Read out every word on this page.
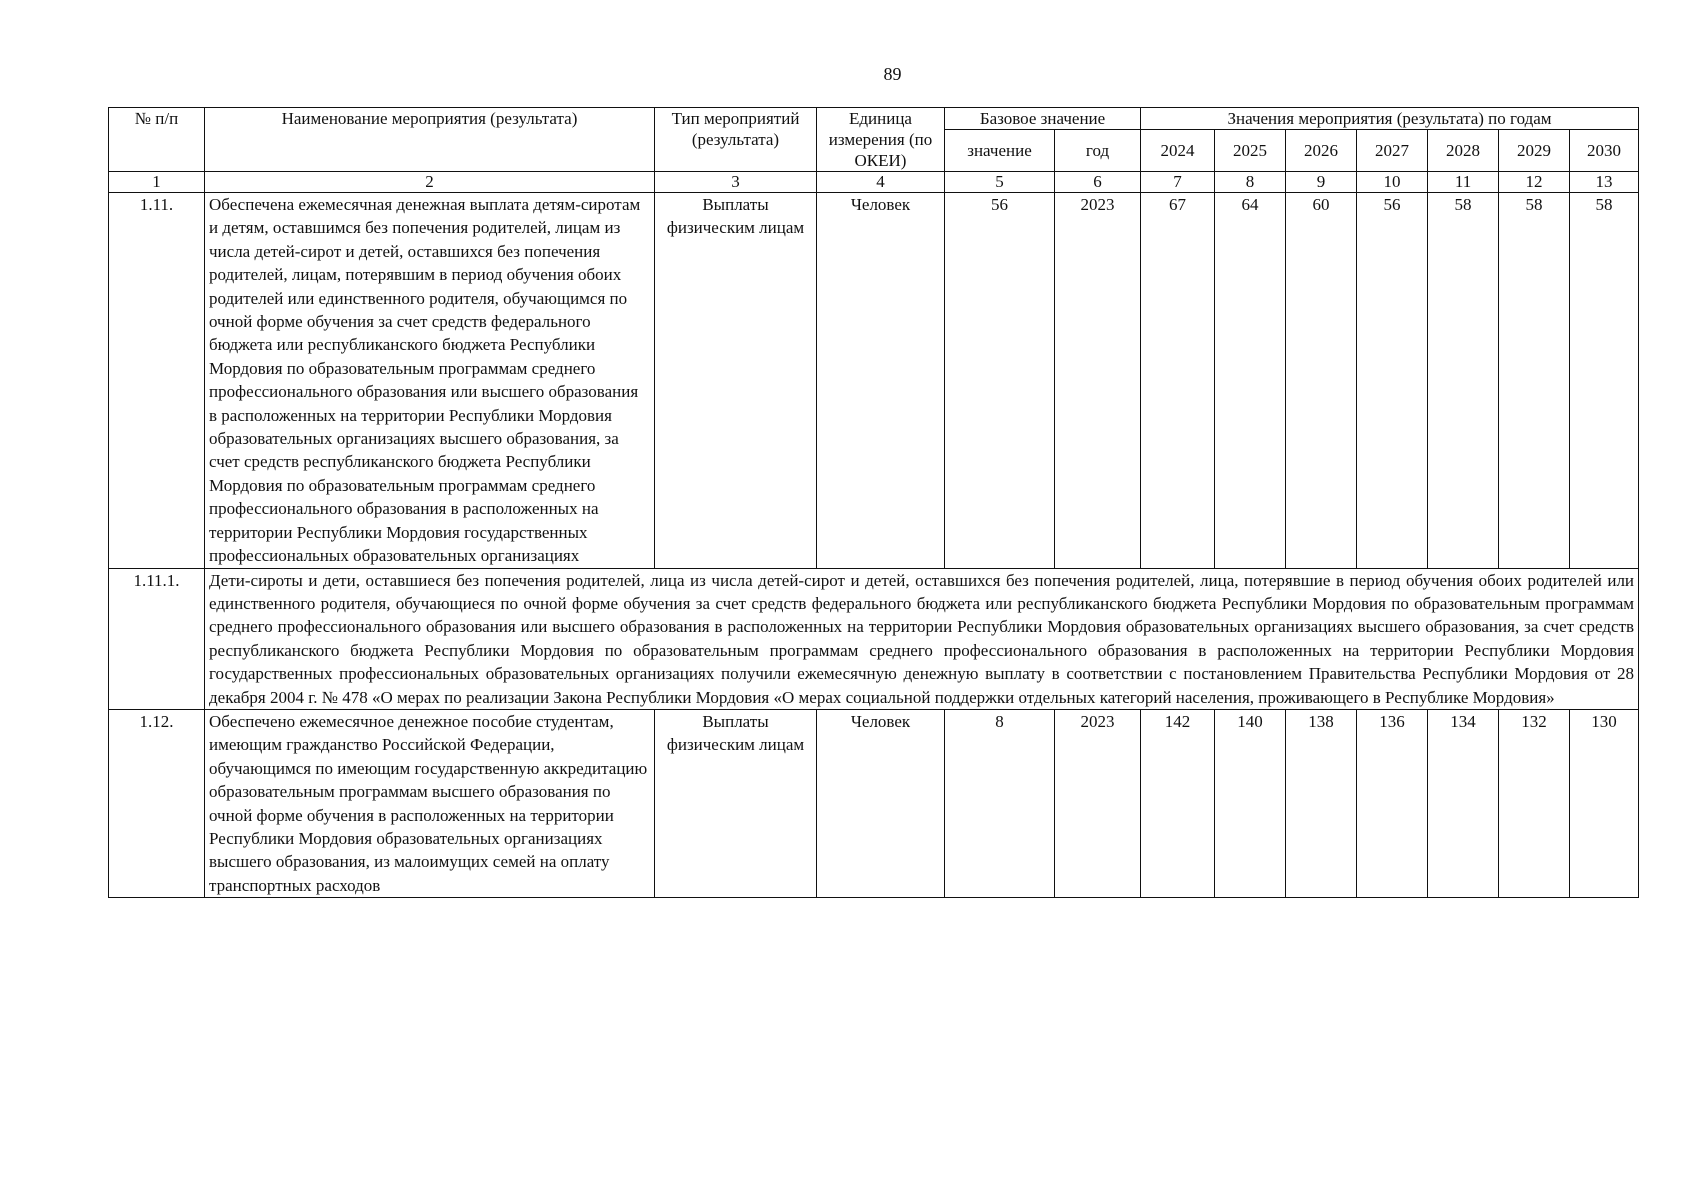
89
№ п/п	Наименование мероприятия (результата)	Тип мероприятий (результата)	Единица измерения (по ОКЕИ)	Базовое значение		Значения мероприятия (результата) по годам						
				значение	год	2024	2025	2026	2027	2028	2029	2030
1	2	3	4	5	6	7	8	9	10	11	12	13
1.11.	Обеспечена ежемесячная денежная выплата детям-сиротам и детям, оставшимся без попечения родителей, лицам из числа детей-сирот и детей, оставшихся без попечения родителей, лицам, потерявшим в период обучения обоих родителей или единственного родителя, обучающимся по очной форме обучения за счет средств федерального бюджета или республиканского бюджета Республики Мордовия по образовательным программам среднего профессионального образования или высшего образования в расположенных на территории Республики Мордовия образовательных организациях высшего образования, за счет средств республиканского бюджета Республики Мордовия по образовательным программам среднего профессионального образования в расположенных на территории Республики Мордовия государственных профессиональных образовательных организациях	Выплаты физическим лицам	Человек	56	2023	67	64	60	56	58	58	58
1.11.1.	Дети-сироты и дети, оставшиеся без попечения родителей, лица из числа детей-сирот и детей, оставшихся без попечения родителей, лица, потерявшие в период обучения обоих родителей или единственного родителя, обучающиеся по очной форме обучения за счет средств федерального бюджета или республиканского бюджета Республики Мордовия по образовательным программам среднего профессионального образования или высшего образования в расположенных на территории Республики Мордовия образовательных организациях высшего образования, за счет средств республиканского бюджета Республики Мордовия по образовательным программам среднего профессионального образования в расположенных на территории Республики Мордовия государственных профессиональных образовательных организациях получили ежемесячную денежную выплату в соответствии с постановлением Правительства Республики Мордовия от 28 декабря 2004 г. № 478 «О мерах по реализации Закона Республики Мордовия «О мерах социальной поддержки отдельных категорий населения, проживающего в Республике Мордовия»											
1.12.	Обеспечено ежемесячное денежное пособие студентам, имеющим гражданство Российской Федерации, обучающимся по имеющим государственную аккредитацию образовательным программам высшего образования по очной форме обучения в расположенных на территории Республики Мордовия образовательных организациях высшего образования, из малоимущих семей на оплату транспортных расходов	Выплаты физическим лицам	Человек	8	2023	142	140	138	136	134	132	130
